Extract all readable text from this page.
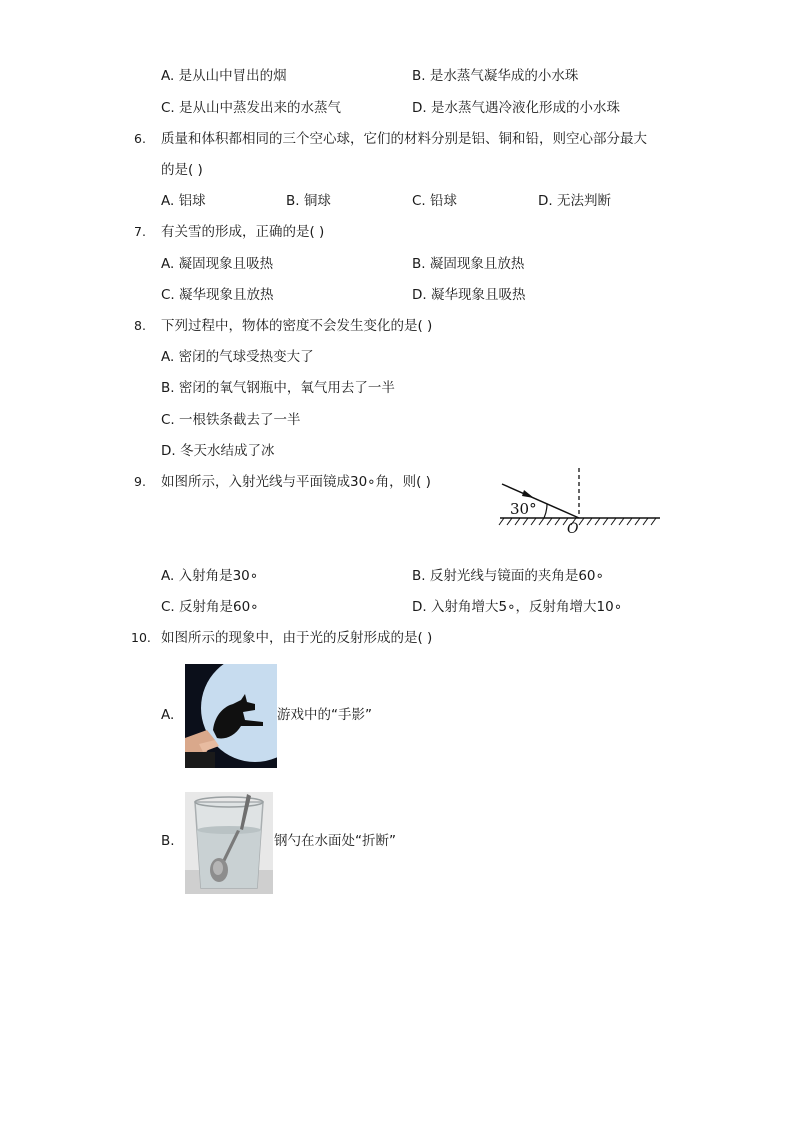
A. 是从山中冒出的烟	B. 是水蒸气凝华成的小水珠
C. 是从山中蒸发出来的水蒸气	D. 是水蒸气遇冷液化形成的小水珠
6. 质量和体积都相同的三个空心球，它们的材料分别是铝、铜和铅，则空心部分最大
的是( )
A. 铝球	B. 铜球	C. 铅球	D. 无法判断
7. 有关雪的形成，正确的是( )
A. 凝固现象且吸热	B. 凝固现象且放热
C. 凝华现象且放热	D. 凝华现象且吸热
8. 下列过程中，物体的密度不会发生变化的是( )
A. 密闭的气球受热变大了
B. 密闭的氧气钢瓶中，氧气用去了一半
C. 一根铁条截去了一半
D. 冬天水结成了冰
9. 如图所示，入射光线与平面镜成30∘角，则( )
30°
O
A. 入射角是30∘	B. 反射光线与镜面的夹角是60∘
C. 反射角是60∘	D. 入射角增大5∘，反射角增大10∘
10. 如图所示的现象中，由于光的反射形成的是( )
A.	游戏中的“手影”
B.	钢勺在水面处“折断”
